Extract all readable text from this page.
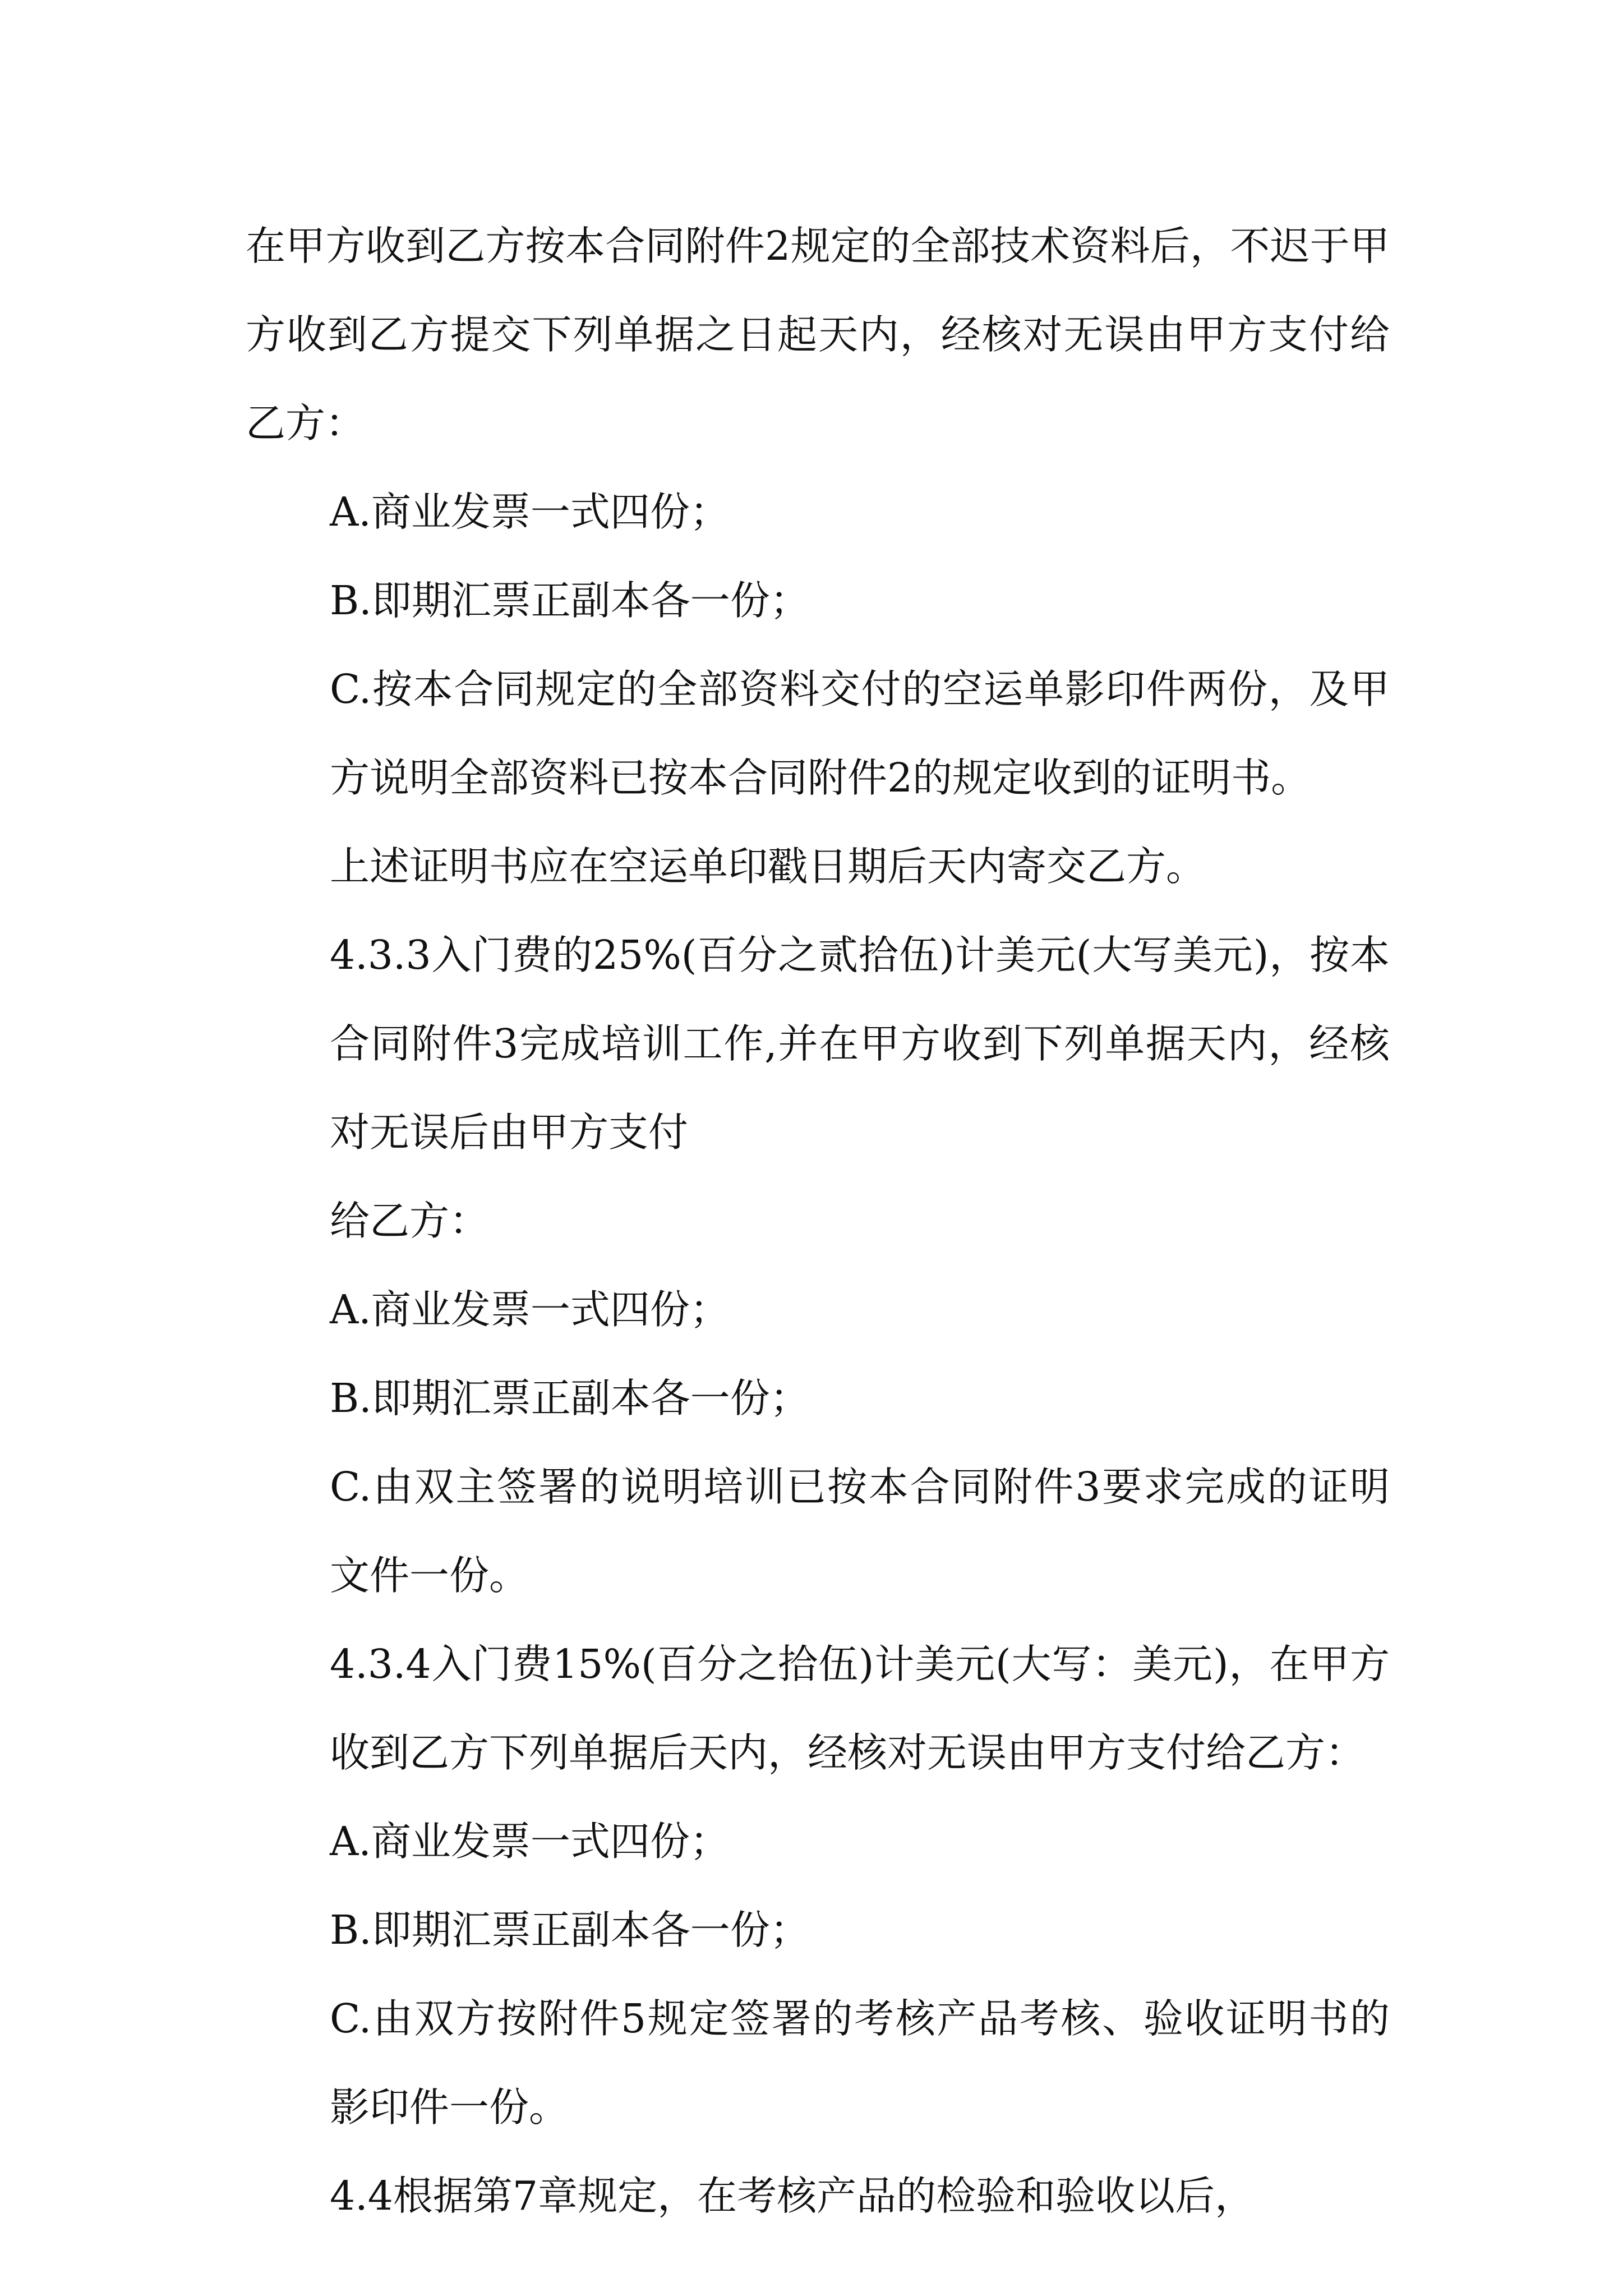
在甲方收到乙方按本合同附件2规定的全部技术资料后，不迟于甲方收到乙方提交下列单据之日起天内，经核对无误由甲方支付给乙方：

A.商业发票一式四份；

B.即期汇票正副本各一份；

C.按本合同规定的全部资料交付的空运单影印件两份，及甲方说明全部资料已按本合同附件2的规定收到的证明书。

上述证明书应在空运单印戳日期后天内寄交乙方。

4.3.3入门费的25%(百分之贰拾伍)计美元(大写美元)，按本合同附件3完成培训工作,并在甲方收到下列单据天内，经核对无误后由甲方支付

给乙方：

A.商业发票一式四份；

B.即期汇票正副本各一份；

C.由双主签署的说明培训已按本合同附件3要求完成的证明文件一份。

4.3.4入门费15%(百分之拾伍)计美元(大写：美元)，在甲方收到乙方下列单据后天内，经核对无误由甲方支付给乙方：

A.商业发票一式四份；

B.即期汇票正副本各一份；

C.由双方按附件5规定签署的考核产品考核、验收证明书的影印件一份。

4.4根据第7章规定，在考核产品的检验和验收以后，
